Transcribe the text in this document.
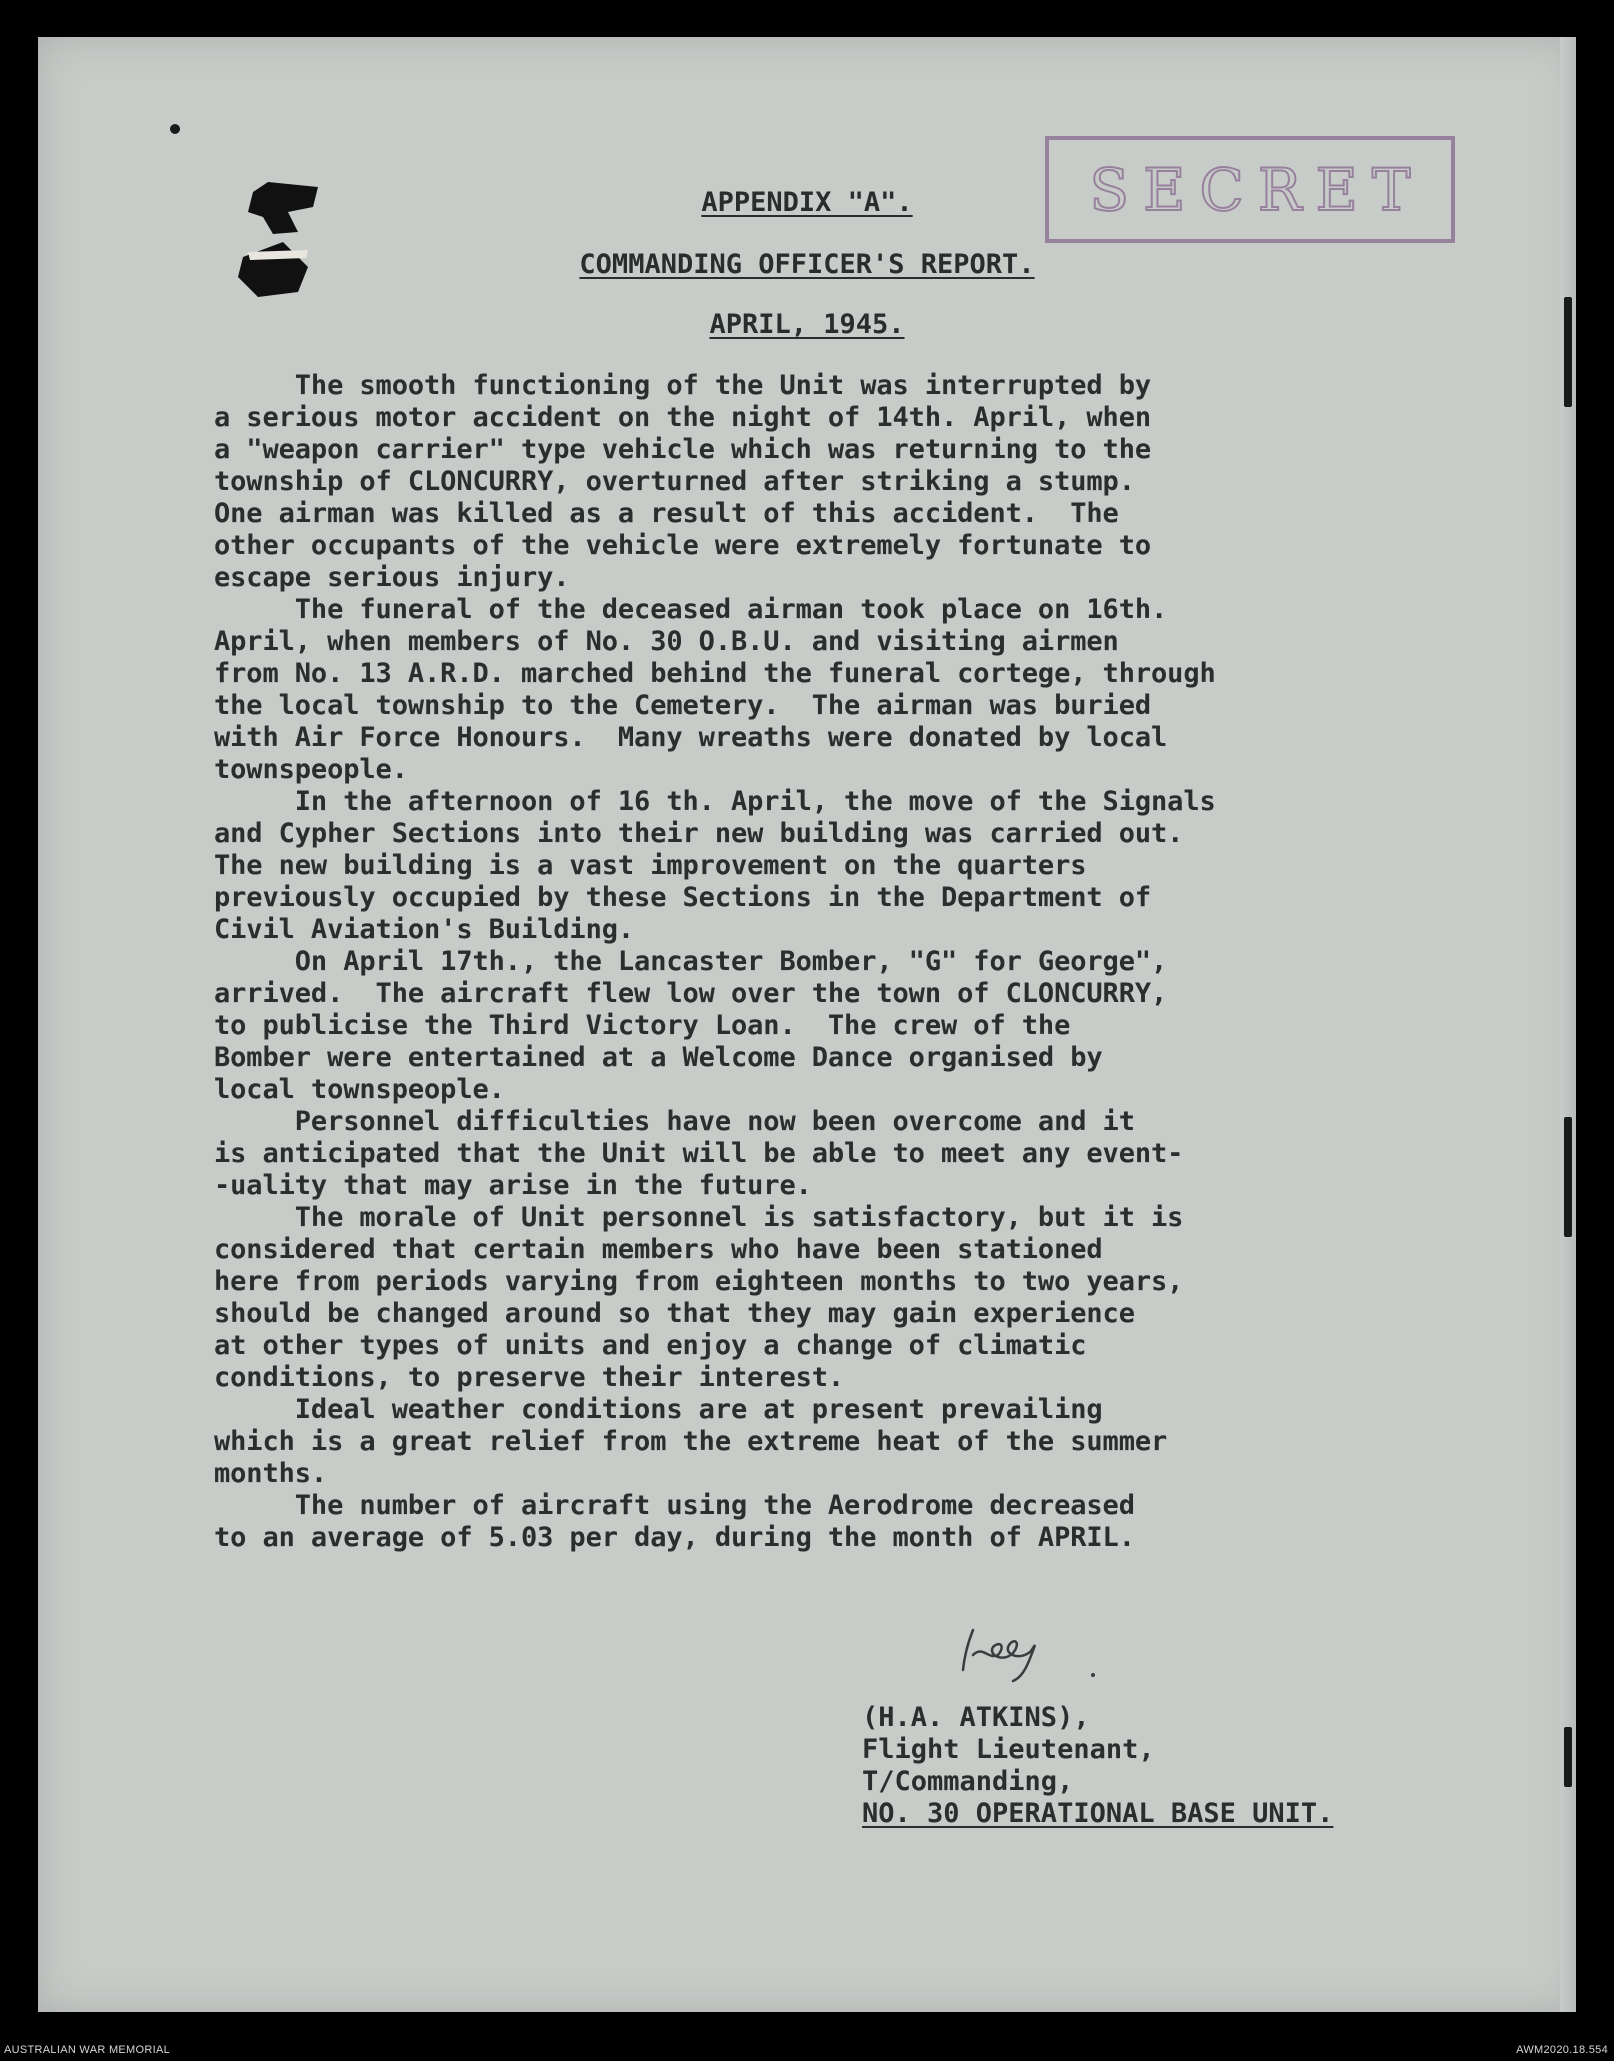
SECRET
APPENDIX "A".
COMMANDING OFFICER'S REPORT.
APRIL, 1945.
The smooth functioning of the Unit was interrupted by
a serious motor accident on the night of 14th. April, when
a "weapon carrier" type vehicle which was returning to the
township of CLONCURRY, overturned after striking a stump.
One airman was killed as a result of this accident.  The
other occupants of the vehicle were extremely fortunate to
escape serious injury.
The funeral of the deceased airman took place on 16th.
April, when members of No. 30 O.B.U. and visiting airmen
from No. 13 A.R.D. marched behind the funeral cortege, through
the local township to the Cemetery.  The airman was buried
with Air Force Honours.  Many wreaths were donated by local
townspeople.
In the afternoon of 16 th. April, the move of the Signals
and Cypher Sections into their new building was carried out.
The new building is a vast improvement on the quarters
previously occupied by these Sections in the Department of
Civil Aviation's Building.
On April 17th., the Lancaster Bomber, "G" for George",
arrived.  The aircraft flew low over the town of CLONCURRY,
to publicise the Third Victory Loan.  The crew of the
Bomber were entertained at a Welcome Dance organised by
local townspeople.
Personnel difficulties have now been overcome and it
is anticipated that the Unit will be able to meet any event-
-uality that may arise in the future.
The morale of Unit personnel is satisfactory, but it is
considered that certain members who have been stationed
here from periods varying from eighteen months to two years,
should be changed around so that they may gain experience
at other types of units and enjoy a change of climatic
conditions, to preserve their interest.
Ideal weather conditions are at present prevailing
which is a great relief from the extreme heat of the summer
months.
The number of aircraft using the Aerodrome decreased
to an average of 5.03 per day, during the month of APRIL.
(H.A. ATKINS),
Flight Lieutenant,
T/Commanding,
NO. 30 OPERATIONAL BASE UNIT.
AUSTRALIAN WAR MEMORIAL	AWM2020.18.554
